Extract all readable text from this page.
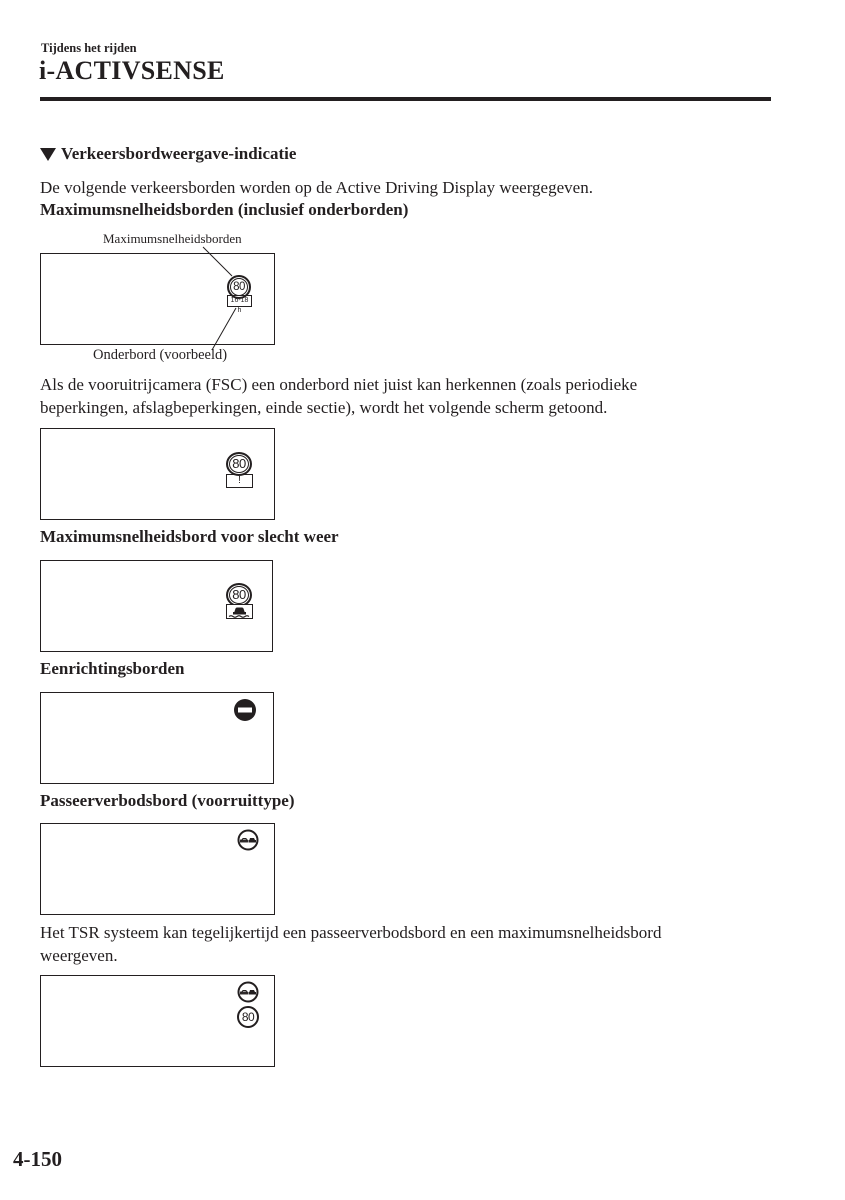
Tijdens het rijden
i-ACTIVSENSE
Verkeersbordweergave-indicatie
De volgende verkeersborden worden op de Active Driving Display weergegeven.
Maximumsnelheidsborden (inclusief onderborden)
Maximumsnelheidsborden
80
16-18 h
Onderbord (voorbeeld)
Als de vooruitrijcamera (FSC) een onderbord niet juist kan herkennen (zoals periodieke
beperkingen, afslagbeperkingen, einde sectie), wordt het volgende scherm getoond.
80
!
Maximumsnelheidsbord voor slecht weer
80
Eenrichtingsborden
Passeerverbodsbord (voorruittype)
Het TSR systeem kan tegelijkertijd een passeerverbodsbord en een maximumsnelheidsbord
weergeven.
80
4-150
